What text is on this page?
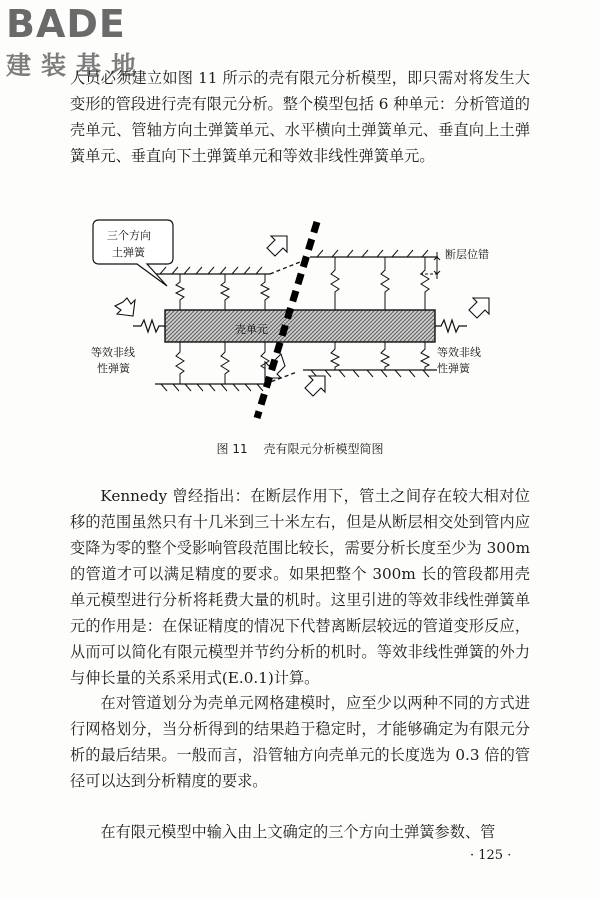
BADE
建装基地

人员必须建立如图 11 所示的壳有限元分析模型，即只需对将发生大变形的管段进行壳有限元分析。整个模型包括 6 种单元：分析管道的壳单元、管轴方向土弹簧单元、水平横向土弹簧单元、垂直向上土弹簧单元、垂直向下土弹簧单元和等效非线性弹簧单元。

壳单元
断层位错
三个方向
土弹簧
等效非线
性弹簧
等效非线
性弹簧
图 11 壳有限元分析模型简图

Kennedy 曾经指出：在断层作用下，管土之间存在较大相对位移的范围虽然只有十几米到三十米左右，但是从断层相交处到管内应变降为零的整个受影响管段范围比较长，需要分析长度至少为 300m 的管道才可以满足精度的要求。如果把整个 300m 长的管段都用壳单元模型进行分析将耗费大量的机时。这里引进的等效非线性弹簧单元的作用是：在保证精度的情况下代替离断层较远的管道变形反应，从而可以简化有限元模型并节约分析的机时。等效非线性弹簧的外力与伸长量的关系采用式(E.0.1)计算。

在对管道划分为壳单元网格建模时，应至少以两种不同的方式进行网格划分，当分析得到的结果趋于稳定时，才能够确定为有限元分析的最后结果。一般而言，沿管轴方向壳单元的长度选为 0.3 倍的管径可以达到分析精度的要求。

在有限元模型中输入由上文确定的三个方向土弹簧参数、管

· 125 ·
